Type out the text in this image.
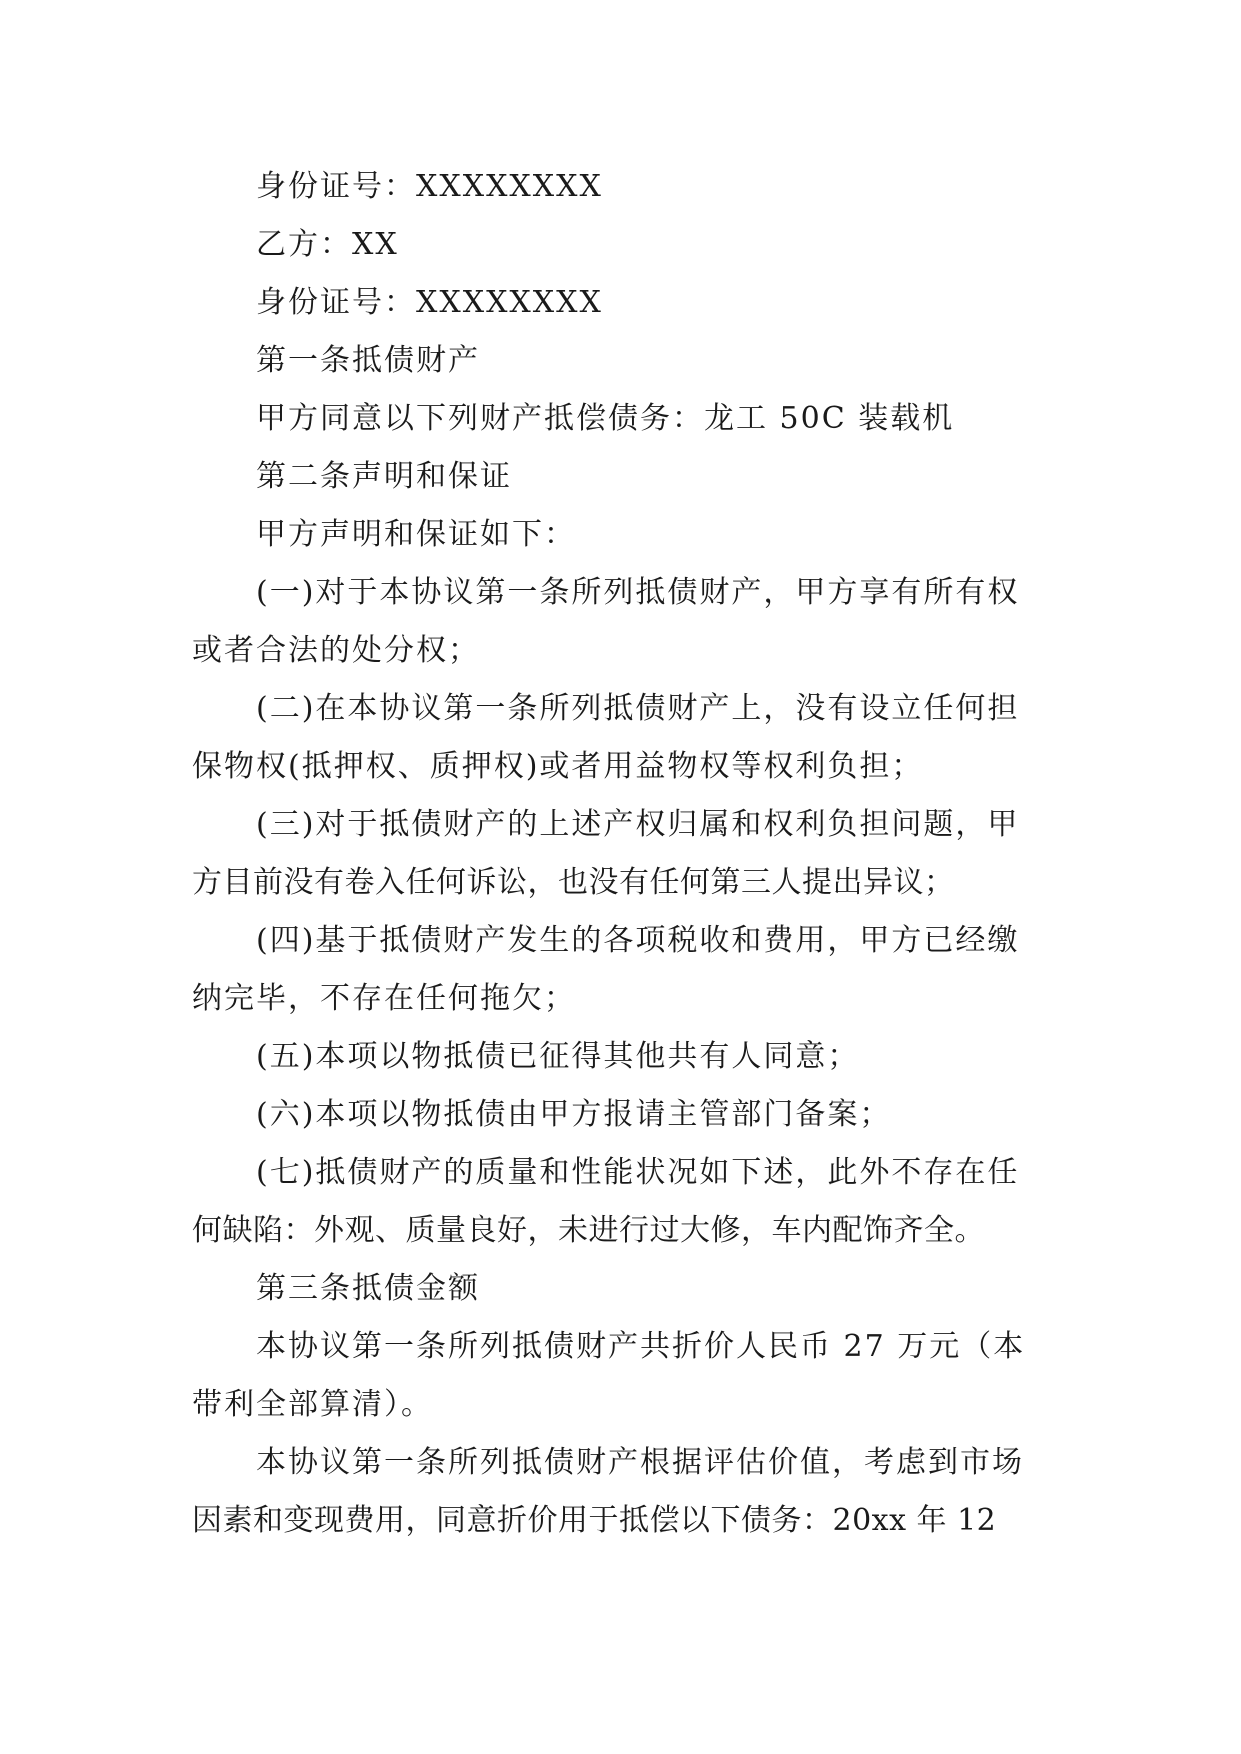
身份证号：XXXXXXXX
乙方：XX
身份证号：XXXXXXXX
第一条抵债财产
甲方同意以下列财产抵偿债务：龙工 50C 装载机
第二条声明和保证
甲方声明和保证如下：
(一)对于本协议第一条所列抵债财产，甲方享有所有权
或者合法的处分权；
(二)在本协议第一条所列抵债财产上，没有设立任何担
保物权(抵押权、质押权)或者用益物权等权利负担；
(三)对于抵债财产的上述产权归属和权利负担问题，甲
方目前没有卷入任何诉讼，也没有任何第三人提出异议；
(四)基于抵债财产发生的各项税收和费用，甲方已经缴
纳完毕，不存在任何拖欠；
(五)本项以物抵债已征得其他共有人同意；
(六)本项以物抵债由甲方报请主管部门备案；
(七)抵债财产的质量和性能状况如下述，此外不存在任
何缺陷：外观、质量良好，未进行过大修，车内配饰齐全。
第三条抵债金额
本协议第一条所列抵债财产共折价人民币 27 万元（本
带利全部算清）。
本协议第一条所列抵债财产根据评估价值，考虑到市场
因素和变现费用，同意折价用于抵偿以下债务：20xx 年 12
